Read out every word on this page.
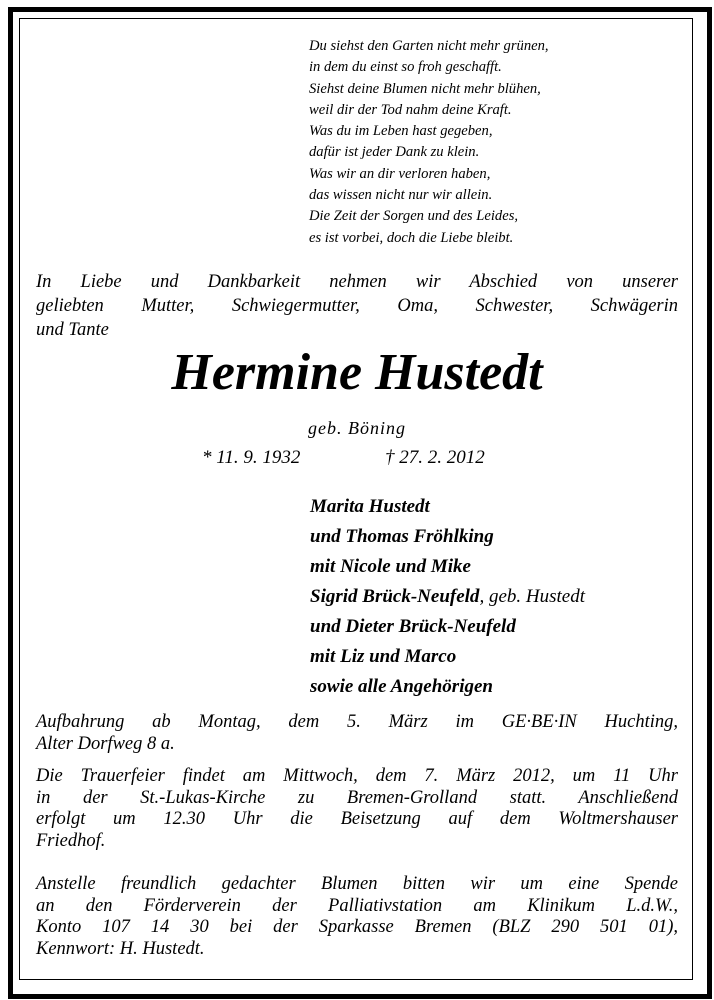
Du siehst den Garten nicht mehr grünen,
in dem du einst so froh geschafft.
Siehst deine Blumen nicht mehr blühen,
weil dir der Tod nahm deine Kraft.
Was du im Leben hast gegeben,
dafür ist jeder Dank zu klein.
Was wir an dir verloren haben,
das wissen nicht nur wir allein.
Die Zeit der Sorgen und des Leides,
es ist vorbei, doch die Liebe bleibt.
In Liebe und Dankbarkeit nehmen wir Abschied von unserer
geliebten Mutter, Schwiegermutter, Oma, Schwester, Schwägerin
und Tante
Hermine Hustedt
geb. Böning
* 11. 9. 1932	† 27. 2. 2012
Marita Hustedt
und Thomas Fröhlking
mit Nicole und Mike
Sigrid Brück-Neufeld, geb. Hustedt
und Dieter Brück-Neufeld
mit Liz und Marco
sowie alle Angehörigen
Aufbahrung ab Montag, dem 5. März im GE·BE·IN Huchting,
Alter Dorfweg 8 a.
Die Trauerfeier findet am Mittwoch, dem 7. März 2012, um 11 Uhr
in der St.-Lukas-Kirche zu Bremen-Grolland statt. Anschließend
erfolgt um 12.30 Uhr die Beisetzung auf dem Woltmershauser
Friedhof.
Anstelle freundlich gedachter Blumen bitten wir um eine Spende
an den Förderverein der Palliativstation am Klinikum L.d.W.,
Konto 107 14 30 bei der Sparkasse Bremen (BLZ 290 501 01),
Kennwort: H. Hustedt.
